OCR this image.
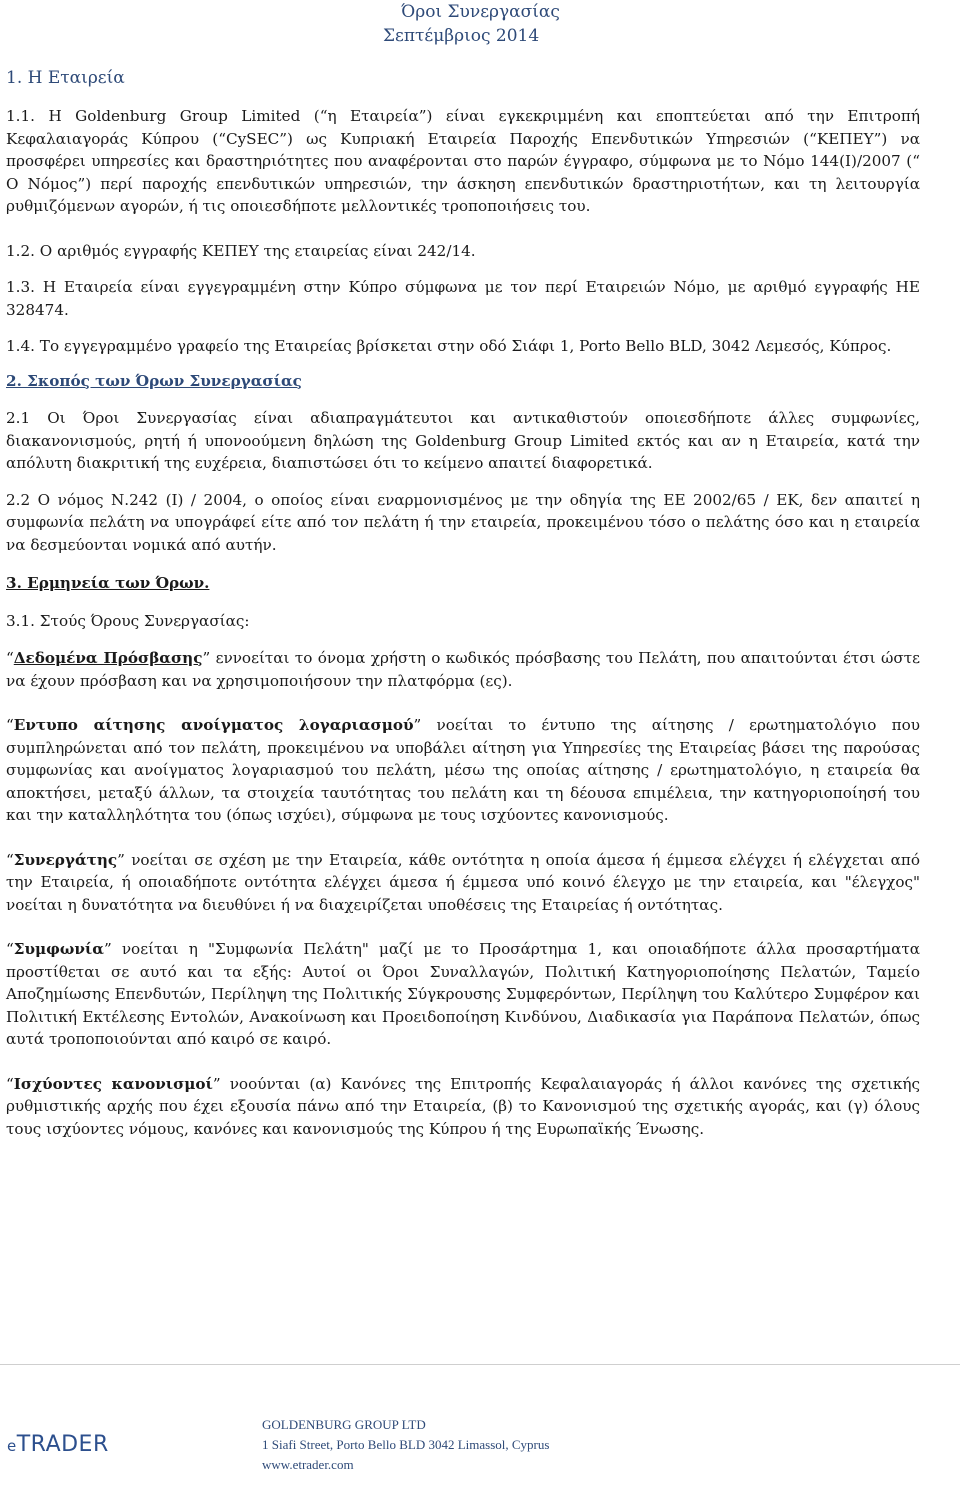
Όροι Συνεργασίας
Σεπτέμβριος 2014
1. Η Εταιρεία

1.1. Η Goldenburg Group Limited (“η Εταιρεία”) είναι εγκεκριμμένη και εποπτεύεται από την Επιτροπή Κεφαλαιαγοράς Κύπρου (“CySEC”) ως Κυπριακή Εταιρεία Παροχής Επενδυτικών Υπηρεσιών (“ΚΕΠΕΥ”) να προσφέρει υπηρεσίες και δραστηριότητες που αναφέρονται στο παρών έγγραφο, σύμφωνα με το Νόμο 144(I)/2007 (“ Ο Νόμος”) περί παροχής επενδυτικών υπηρεσιών, την άσκηση επενδυτικών δραστηριοτήτων, και τη λειτουργία ρυθμιζόμενων αγορών, ή τις οποιεσδήποτε μελλοντικές τροποποιήσεις του.

1.2. Ο αριθμός εγγραφής ΚΕΠΕΥ της εταιρείας είναι 242/14.

1.3. Η Εταιρεία είναι εγγεγραμμένη στην Κύπρο σύμφωνα με τον περί Εταιρειών Νόμο, με αριθμό εγγραφής ΗΕ 328474.

1.4. Το εγγεγραμμένο γραφείο της Εταιρείας βρίσκεται στην οδό Σιάφι 1, Porto Bello BLD, 3042 Λεμεσός, Κύπρος.

2. Σκοπός των Όρων Συνεργασίας

2.1 Οι Όροι Συνεργασίας είναι αδιαπραγμάτευτοι και αντικαθιστούν οποιεσδήποτε άλλες συμφωνίες, διακανονισμούς, ρητή ή υπονοούμενη δηλώση της Goldenburg Group Limited εκτός και αν η Εταιρεία, κατά την απόλυτη διακριτική της ευχέρεια, διαπιστώσει ότι το κείμενο απαιτεί διαφορετικά.

2.2 Ο νόμος Ν.242 (Ι) / 2004, ο οποίος είναι εναρμονισμένος με την οδηγία της ΕΕ 2002/65 / ΕΚ, δεν απαιτεί η συμφωνία πελάτη να υπογράφεί είτε από τον πελάτη ή την εταιρεία, προκειμένου τόσο ο πελάτης όσο και η εταιρεία να δεσμεύονται νομικά από αυτήν.

3. Ερμηνεία των Όρων.

3.1. Στούς Όρους Συνεργασίας:

“Δεδομένα Πρόσβασης” εννοείται το όνομα χρήστη ο κωδικός πρόσβασης του Πελάτη, που απαιτούνται έτσι ώστε να έχουν πρόσβαση και να χρησιμοποιήσουν την πλατφόρμα (ες).

“Εντυπο αίτησης ανοίγματος λογαριασμού” νοείται το έντυπο της αίτησης / ερωτηματολόγιο που συμπληρώνεται από τον πελάτη, προκειμένου να υποβάλει αίτηση για Υπηρεσίες της Εταιρείας βάσει της παρούσας συμφωνίας και ανοίγματος λογαριασμού του πελάτη, μέσω της οποίας αίτησης / ερωτηματολόγιο, η εταιρεία θα αποκτήσει, μεταξύ άλλων, τα στοιχεία ταυτότητας του πελάτη και τη δέουσα επιμέλεια, την κατηγοριοποίησή του και την καταλληλότητα του (όπως ισχύει), σύμφωνα με τους ισχύοντες κανονισμούς.

“Συνεργάτης” νοείται σε σχέση με την Εταιρεία, κάθε οντότητα η οποία άμεσα ή έμμεσα ελέγχει ή ελέγχεται από την Εταιρεία, ή οποιαδήποτε οντότητα ελέγχει άμεσα ή έμμεσα υπό κοινό έλεγχο με την εταιρεία, και "έλεγχος" νοείται η δυνατότητα να διευθύνει ή να διαχειρίζεται υποθέσεις της Εταιρείας ή οντότητας.

“Συμφωνία” νοείται η "Συμφωνία Πελάτη" μαζί με το Προσάρτημα 1, και οποιαδήποτε άλλα προσαρτήματα προστίθεται σε αυτό και τα εξής: Αυτοί οι Όροι Συναλλαγών, Πολιτική Κατηγοριοποίησης Πελατών, Ταμείο Αποζημίωσης Επενδυτών, Περίληψη της Πολιτικής Σύγκρουσης Συμφερόντων, Περίληψη του Καλύτερο Συμφέρον και Πολιτική Εκτέλεσης Εντολών, Ανακοίνωση και Προειδοποίηση Κινδύνου, Διαδικασία για Παράπονα Πελατών, όπως αυτά τροποποιούνται από καιρό σε καιρό.

“Ισχύοντες κανονισμοί” νοούνται (α) Κανόνες της Επιτροπής Κεφαλαιαγοράς ή άλλοι κανόνες της σχετικής ρυθμιστικής αρχής που έχει εξουσία πάνω από την Εταιρεία, (β) το Κανονισμού της σχετικής αγοράς, και (γ) όλους τους ισχύοντες νόμους, κανόνες και κανονισμούς της Κύπρου ή της Ευρωπαϊκής Ένωσης.

eTRADER
GOLDENBURG GROUP LTD
1 Siafi Street, Porto Bello BLD 3042 Limassol, Cyprus
www.etrader.com
